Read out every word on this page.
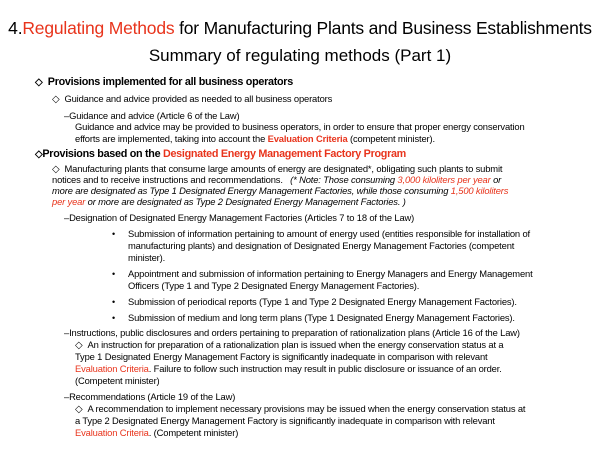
4.Regulating Methods for Manufacturing Plants and Business Establishments
Summary of regulating methods (Part 1)
◇ Provisions implemented for all business operators
◇ Guidance and advice provided as needed to all business operators
–Guidance and advice (Article 6 of the Law)
Guidance and advice may be provided to business operators, in order to ensure that proper energy conservation
efforts are implemented, taking into account the Evaluation Criteria (competent minister).
◇Provisions based on the Designated Energy Management Factory Program
◇ Manufacturing plants that consume large amounts of energy are designated*, obligating such plants to submit
notices and to receive instructions and recommendations. (* Note: Those consuming 3,000 kiloliters per year or
more are designated as Type 1 Designated Energy Management Factories, while those consuming 1,500 kiloliters
per year or more are designated as Type 2 Designated Energy Management Factories. )
–Designation of Designated Energy Management Factories (Articles 7 to 18 of the Law)
• Submission of information pertaining to amount of energy used (entities responsible for installation of
manufacturing plants) and designation of Designated Energy Management Factories (competent
minister).
• Appointment and submission of information pertaining to Energy Managers and Energy Management
Officers (Type 1 and Type 2 Designated Energy Management Factories).
• Submission of periodical reports (Type 1 and Type 2 Designated Energy Management Factories).
• Submission of medium and long term plans (Type 1 Designated Energy Management Factories).
–Instructions, public disclosures and orders pertaining to preparation of rationalization plans (Article 16 of the Law)
◇ An instruction for preparation of a rationalization plan is issued when the energy conservation status at a
Type 1 Designated Energy Management Factory is significantly inadequate in comparison with relevant
Evaluation Criteria. Failure to follow such instruction may result in public disclosure or issuance of an order.
(Competent minister)
–Recommendations (Article 19 of the Law)
◇ A recommendation to implement necessary provisions may be issued when the energy conservation status at
a Type 2 Designated Energy Management Factory is significantly inadequate in comparison with relevant
Evaluation Criteria. (Competent minister)
